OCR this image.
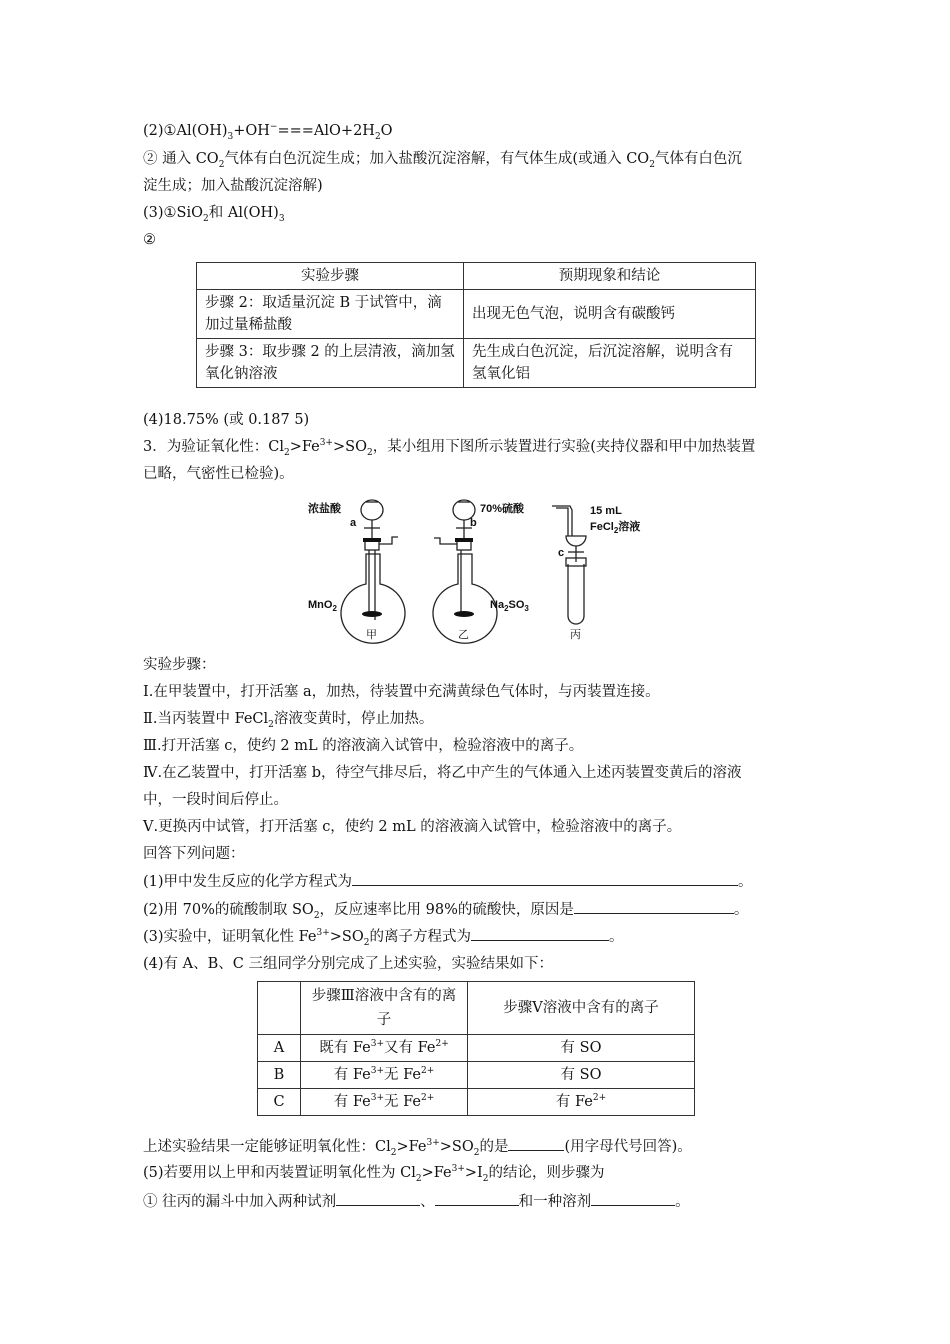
$(2)①Al(OH)_3+OH^-===AlO+2H_2O$
② 通入 $CO_2$气体有白色沉淀生成；加入盐酸沉淀溶解，有气体生成(或通入 $CO_2$气体有白色沉
淀生成；加入盐酸沉淀溶解)
(3)①SiO$_2$和 $Al(OH)_3$
②
实验步骤	预期现象和结论
步骤 2：取适量沉淀 B 于试管中，滴加过量稀盐酸	出现无色气泡，说明含有碳酸钙
步骤 3：取步骤 2 的上层清液，滴加氢氧化钠溶液	先生成白色沉淀，后沉淀溶解，说明含有氢氧化铝
(4)18.75% (或 0.187 5)
3．为验证氧化性：$Cl_2>Fe^{3+}>SO_2$，某小组用下图所示装置进行实验(夹持仪器和甲中加热装置
已略，气密性已检验)。
浓盐酸
a
MnO$_2$
70%硫酸
b
$Na_2SO_3$
15 mL
FeCl$_2$溶液
c
甲	乙	丙
实验步骤：
Ⅰ.在甲装置中，打开活塞 a，加热，待装置中充满黄绿色气体时，与丙装置连接。
Ⅱ.当丙装置中 FeCl$_2$溶液变黄时，停止加热。
Ⅲ.打开活塞 c，使约 2 mL 的溶液滴入试管中，检验溶液中的离子。
Ⅳ.在乙装置中，打开活塞 b，待空气排尽后，将乙中产生的气体通入上述丙装置变黄后的溶液
中，一段时间后停止。
Ⅴ.更换丙中试管，打开活塞 c，使约 2 mL 的溶液滴入试管中，检验溶液中的离子。
回答下列问题：
(1)甲中发生反应的化学方程式为	。
(2)用 70%的硫酸制取 $SO_2$，反应速率比用 98%的硫酸快，原因是	。
(3)实验中，证明氧化性 $Fe^{3+}>SO_2$的离子方程式为	。
(4)有 A、B、C 三组同学分别完成了上述实验，实验结果如下：
	步骤Ⅲ溶液中含有的离子	步骤Ⅴ溶液中含有的离子
A	既有 $Fe^{3+}$又有 $Fe^{2+}$	有 SO
B	有 $Fe^{3+}$无 $Fe^{2+}$	有 SO
C	有 $Fe^{3+}$无 $Fe^{2+}$	有 $Fe^{2+}$
上述实验结果一定能够证明氧化性：$Cl_2>Fe^{3+}>SO_2$的是	(用字母代号回答)。
(5)若要用以上甲和丙装置证明氧化性为 $Cl_2>Fe^{3+}>I_2$的结论，则步骤为
① 往丙的漏斗中加入两种试剂	、	和一种溶剂	。
